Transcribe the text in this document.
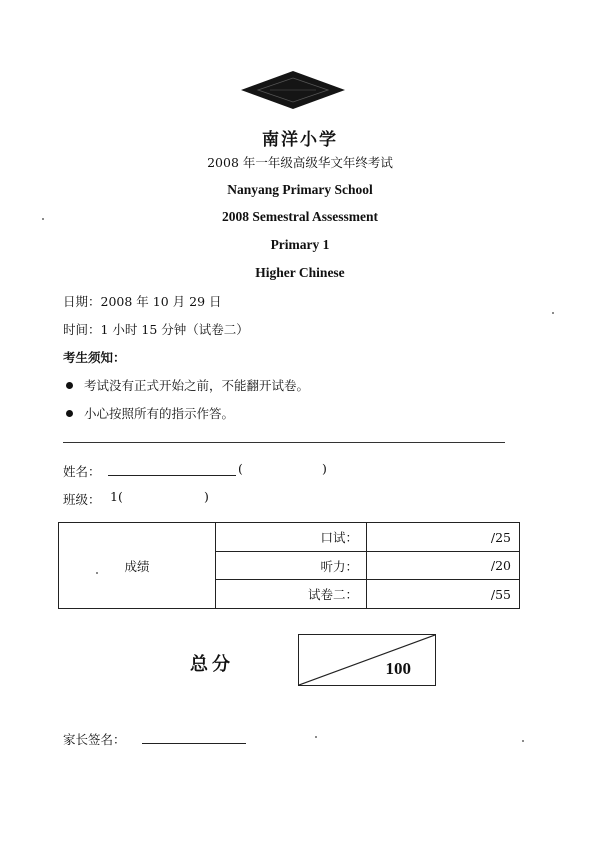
南洋小学
2008 年一年级高级华文年终考试
Nanyang Primary School
2008 Semestral Assessment
Primary 1
Higher Chinese
日期：2008 年 10 月 29 日
时间：1 小时 15 分钟（试卷二）
考生须知：
考试没有正式开始之前，不能翻开试卷。
小心按照所有的指示作答。
姓名：	(	)
班级： 1(	)
成绩	口试：	/25
	听力：	/20
	试卷二：	/55
总分	100
家长签名：
